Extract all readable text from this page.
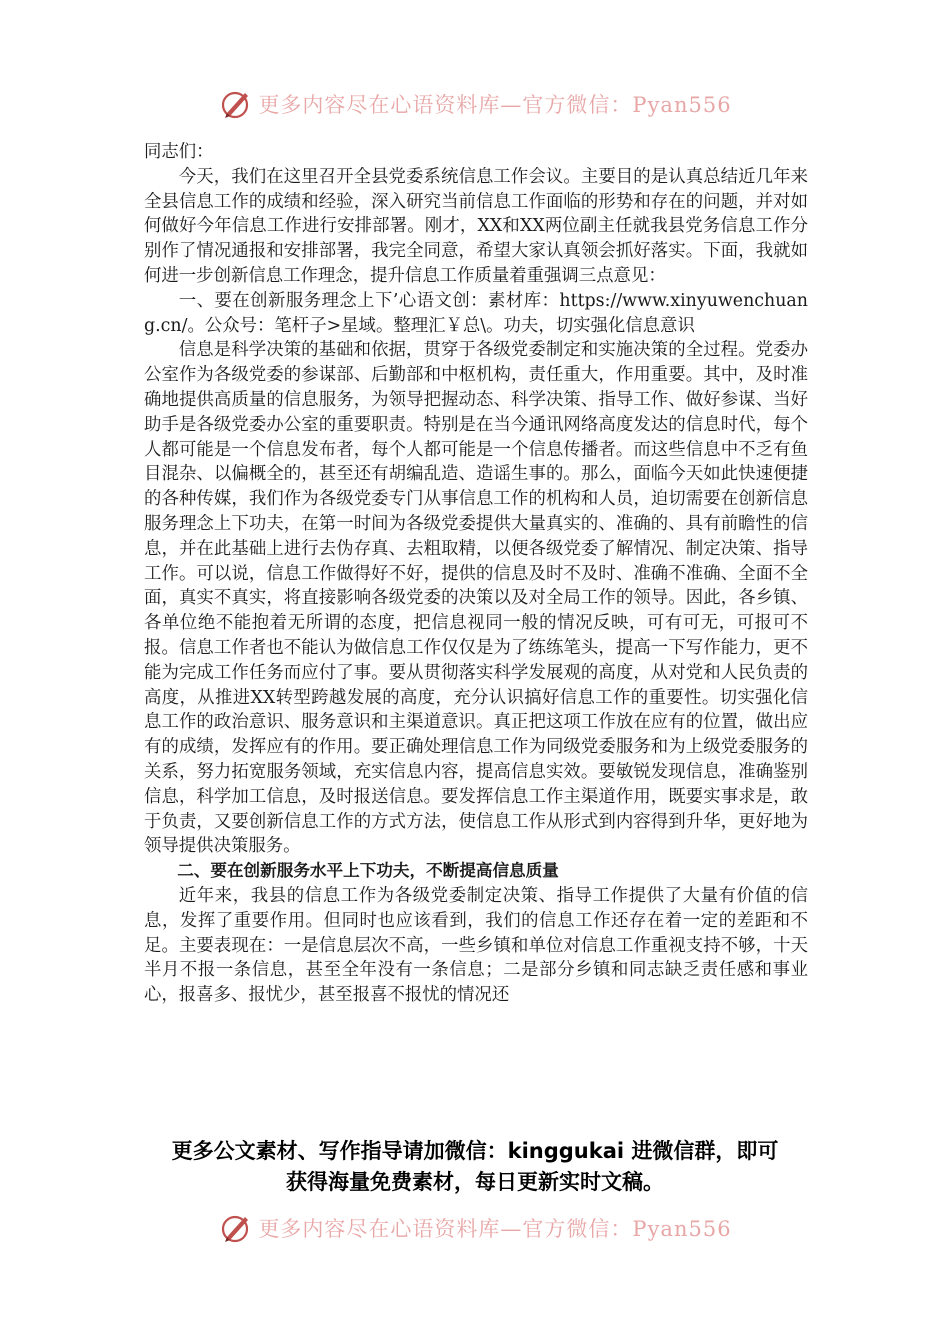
更多内容尽在心语资料库—官方微信：Pyan556

同志们：

今天，我们在这里召开全县党委系统信息工作会议。主要目的是认真总结近几年来全县信息工作的成绩和经验，深入研究当前信息工作面临的形势和存在的问题，并对如何做好今年信息工作进行安排部署。刚才，XX和XX两位副主任就我县党务信息工作分别作了情况通报和安排部署，我完全同意，希望大家认真领会抓好落实。下面，我就如何进一步创新信息工作理念，提升信息工作质量着重强调三点意见：

一、要在创新服务理念上下’心语文创：素材库：https://www.xinyuwenchuang.cn/。公众号：笔杆子>星域。整理汇￥总\。功夫，切实强化信息意识

信息是科学决策的基础和依据，贯穿于各级党委制定和实施决策的全过程。党委办公室作为各级党委的参谋部、后勤部和中枢机构，责任重大，作用重要。其中，及时准确地提供高质量的信息服务，为领导把握动态、科学决策、指导工作、做好参谋、当好助手是各级党委办公室的重要职责。特别是在当今通讯网络高度发达的信息时代，每个人都可能是一个信息发布者，每个人都可能是一个信息传播者。而这些信息中不乏有鱼目混杂、以偏概全的，甚至还有胡编乱造、造谣生事的。那么，面临今天如此快速便捷的各种传媒，我们作为各级党委专门从事信息工作的机构和人员，迫切需要在创新信息服务理念上下功夫，在第一时间为各级党委提供大量真实的、准确的、具有前瞻性的信息，并在此基础上进行去伪存真、去粗取精，以便各级党委了解情况、制定决策、指导工作。可以说，信息工作做得好不好，提供的信息及时不及时、准确不准确、全面不全面，真实不真实，将直接影响各级党委的决策以及对全局工作的领导。因此，各乡镇、各单位绝不能抱着无所谓的态度，把信息视同一般的情况反映，可有可无，可报可不报。信息工作者也不能认为做信息工作仅仅是为了练练笔头，提高一下写作能力，更不能为完成工作任务而应付了事。要从贯彻落实科学发展观的高度，从对党和人民负责的高度，从推进XX转型跨越发展的高度，充分认识搞好信息工作的重要性。切实强化信息工作的政治意识、服务意识和主渠道意识。真正把这项工作放在应有的位置，做出应有的成绩，发挥应有的作用。要正确处理信息工作为同级党委服务和为上级党委服务的关系，努力拓宽服务领域，充实信息内容，提高信息实效。要敏锐发现信息，准确鉴别信息，科学加工信息，及时报送信息。要发挥信息工作主渠道作用，既要实事求是，敢于负责，又要创新信息工作的方式方法，使信息工作从形式到内容得到升华，更好地为领导提供决策服务。

二、要在创新服务水平上下功夫，不断提高信息质量

近年来，我县的信息工作为各级党委制定决策、指导工作提供了大量有价值的信息，发挥了重要作用。但同时也应该看到，我们的信息工作还存在着一定的差距和不足。主要表现在：一是信息层次不高，一些乡镇和单位对信息工作重视支持不够，十天半月不报一条信息，甚至全年没有一条信息；二是部分乡镇和同志缺乏责任感和事业心，报喜多、报忧少，甚至报喜不报忧的情况还

更多公文素材、写作指导请加微信：kinggukai 进微信群，即可
获得海量免费素材，每日更新实时文稿。
更多内容尽在心语资料库—官方微信：Pyan556
